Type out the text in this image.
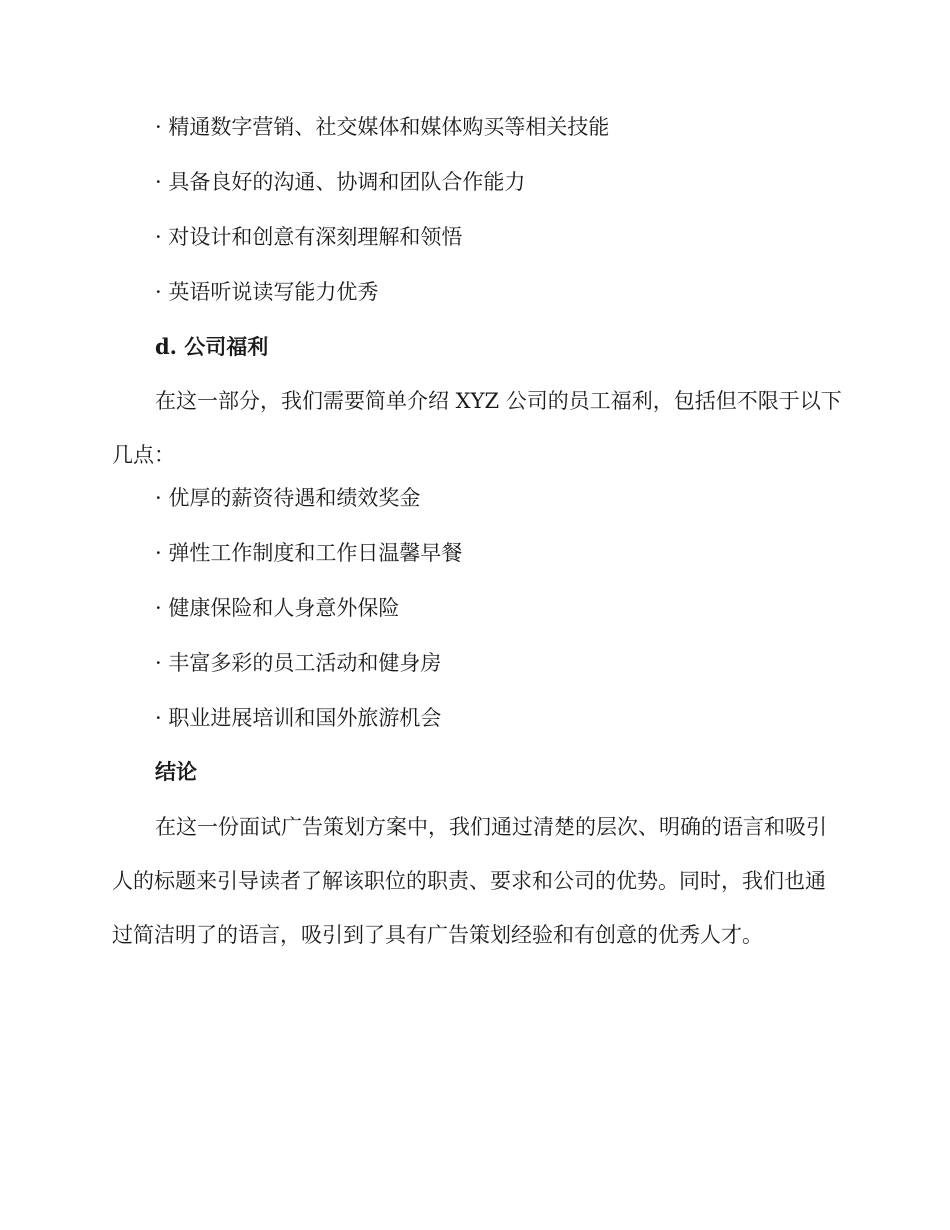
· 精通数字营销、社交媒体和媒体购买等相关技能
· 具备良好的沟通、协调和团队合作能力
· 对设计和创意有深刻理解和领悟
· 英语听说读写能力优秀
d. 公司福利

在这一部分，我们需要简单介绍 XYZ 公司的员工福利，包括但不限于以下几点：

· 优厚的薪资待遇和绩效奖金
· 弹性工作制度和工作日温馨早餐
· 健康保险和人身意外保险
· 丰富多彩的员工活动和健身房
· 职业进展培训和国外旅游机会
结论

在这一份面试广告策划方案中，我们通过清楚的层次、明确的语言和吸引人的标题来引导读者了解该职位的职责、要求和公司的优势。同时，我们也通过简洁明了的语言，吸引到了具有广告策划经验和有创意的优秀人才。
